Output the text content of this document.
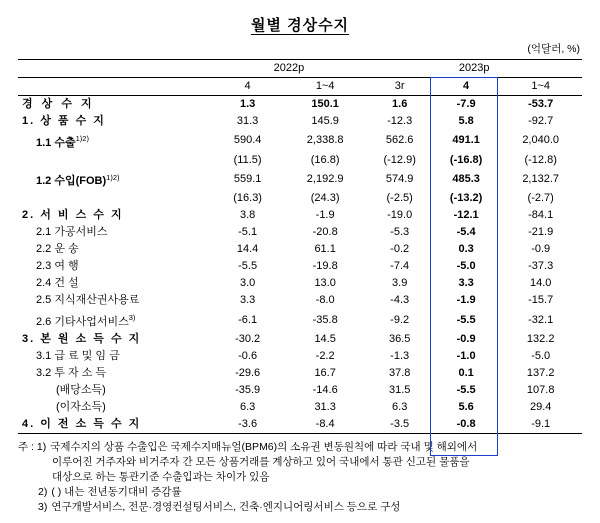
월별 경상수지
(억달러, %)
	2022p		2023p		
	4	1~4	3r	4	1~4
경 상 수 지	1.3	150.1	1.6	-7.9	-53.7
1. 상 품 수 지	31.3	145.9	-12.3	5.8	-92.7
1.1 수출$^{1)2)}$	590.4	2,338.8	562.6	491.1	2,040.0
	(11.5)	(16.8)	(-12.9)	(-16.8)	(-12.8)
1.2 수입(FOB)$^{1)2)}$	559.1	2,192.9	574.9	485.3	2,132.7
	(16.3)	(24.3)	(-2.5)	(-13.2)	(-2.7)
2. 서 비 스 수 지	3.8	-1.9	-19.0	-12.1	-84.1
2.1 가공서비스	-5.1	-20.8	-5.3	-5.4	-21.9
2.2 운 송	14.4	61.1	-0.2	0.3	-0.9
2.3 여 행	-5.5	-19.8	-7.4	-5.0	-37.3
2.4 건 설	3.0	13.0	3.9	3.3	14.0
2.5 지식재산권사용료	3.3	-8.0	-4.3	-1.9	-15.7
2.6 기타사업서비스$^{3)}$	-6.1	-35.8	-9.2	-5.5	-32.1
3. 본 원 소 득 수 지	-30.2	14.5	36.5	-0.9	132.2
3.1 급 료 및 임 금	-0.6	-2.2	-1.3	-1.0	-5.0
3.2 투 자 소 득	-29.6	16.7	37.8	0.1	137.2
(배당소득)	-35.9	-14.6	31.5	-5.5	107.8
(이자소득)	6.3	31.3	6.3	5.6	29.4
4. 이 전 소 득 수 지	-3.6	-8.4	-3.5	-0.8	-9.1
주 : 1) 국제수지의 상품 수출입은 국제수지매뉴얼(BPM6)의 소유권 변동원칙에 따라 국내 및 해외에서
이루어진 거주자와 비거주자 간 모든 상품거래를 계상하고 있어 국내에서 통관 신고된 물품을
대상으로 하는 통관기준 수출입과는 차이가 있음
2) ( ) 내는 전년동기대비 증감률
3) 연구개발서비스, 전문·경영컨설팅서비스, 건축·엔지니어링서비스 등으로 구성
